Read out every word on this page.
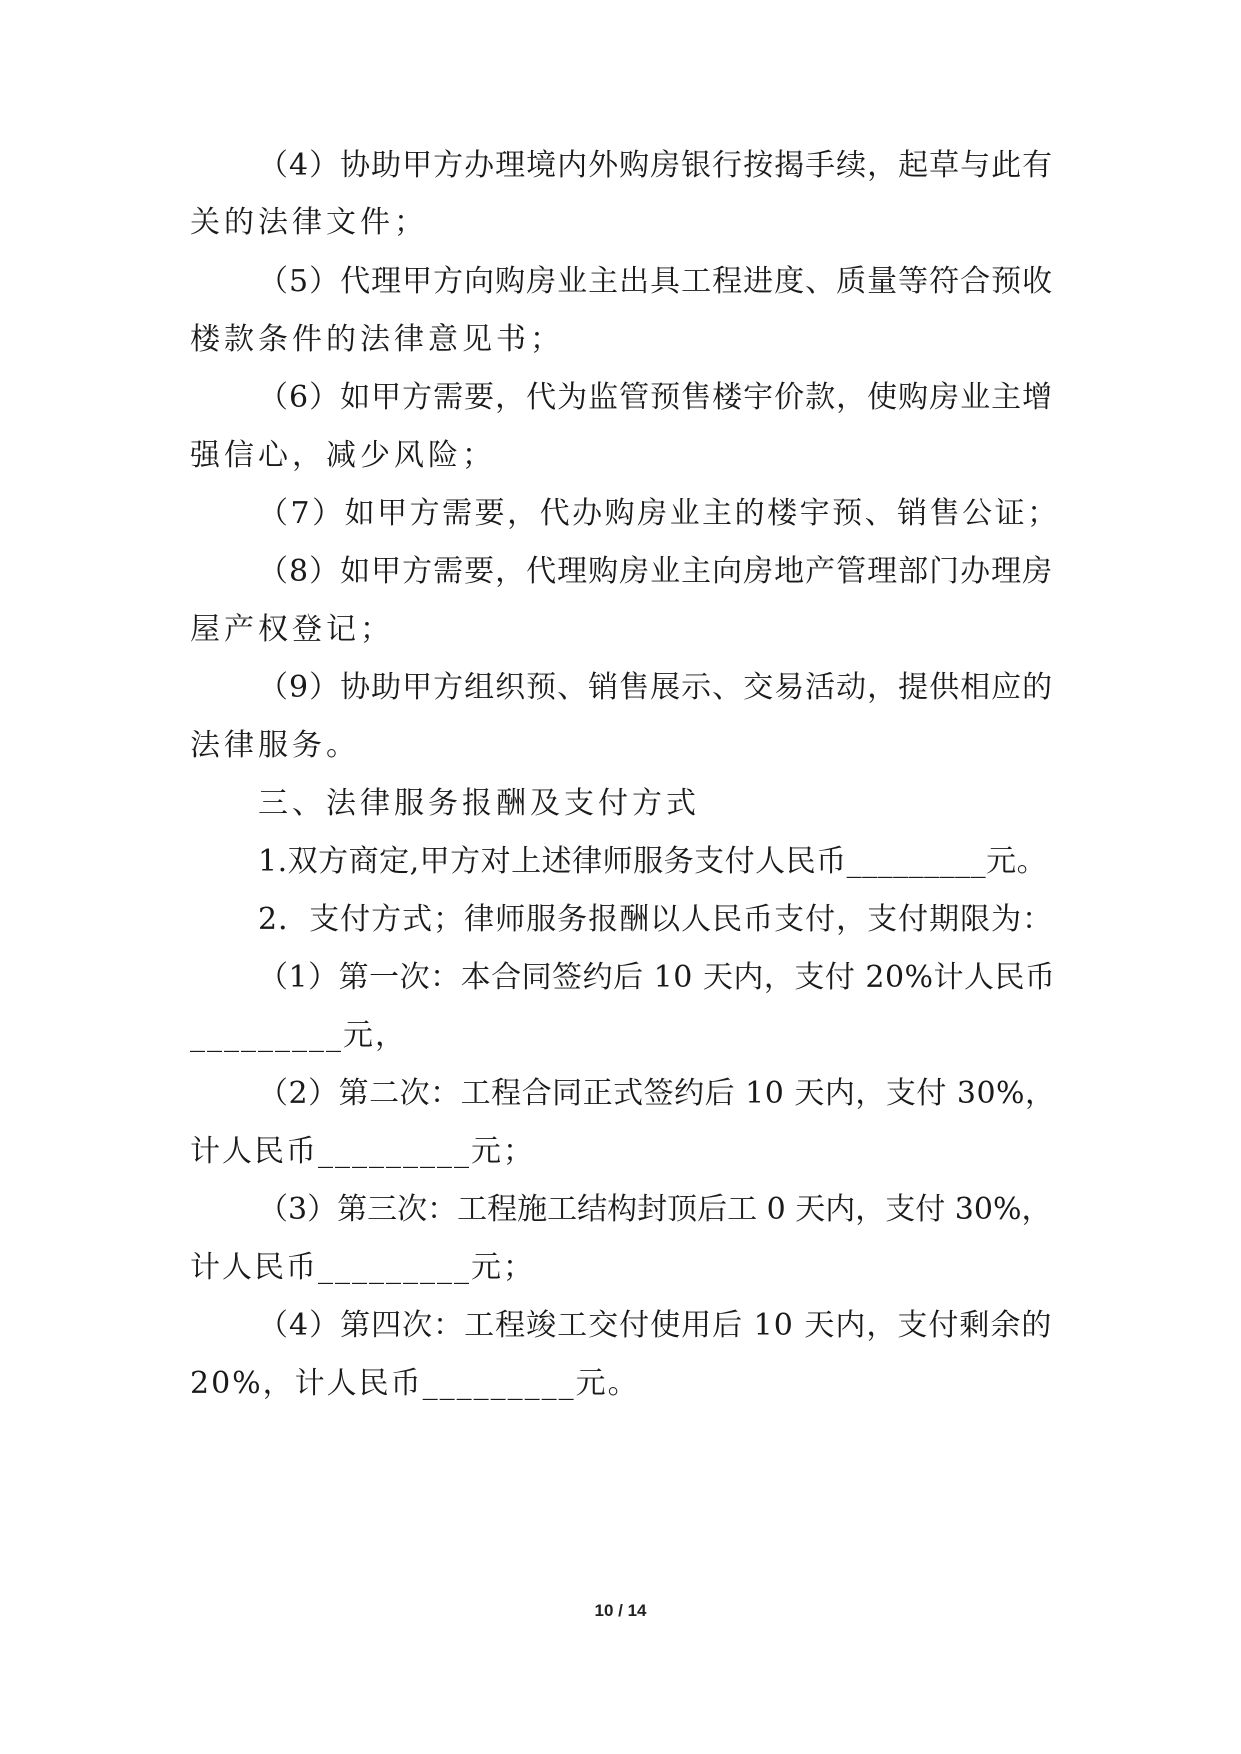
（4）协助甲方办理境内外购房银行按揭手续，起草与此有
关的法律文件；
（5）代理甲方向购房业主出具工程进度、质量等符合预收
楼款条件的法律意见书；
（6）如甲方需要，代为监管预售楼宇价款，使购房业主增
强信心，减少风险；
（7）如甲方需要，代办购房业主的楼宇预、销售公证；
（8）如甲方需要，代理购房业主向房地产管理部门办理房
屋产权登记；
（9）协助甲方组织预、销售展示、交易活动，提供相应的
法律服务。
三、法律服务报酬及支付方式
1.双方商定,甲方对上述律师服务支付人民币_________元。
2．支付方式；律师服务报酬以人民币支付，支付期限为：
（1）第一次：本合同签约后 10 天内，支付 20%计人民币
_________元，
（2）第二次：工程合同正式签约后 10 天内，支付 30%，
计人民币_________元；
（3）第三次：工程施工结构封顶后工 0 天内，支付 30%，
计人民币_________元；
（4）第四次：工程竣工交付使用后 10 天内，支付剩余的
20%，计人民币_________元。
10 / 14
